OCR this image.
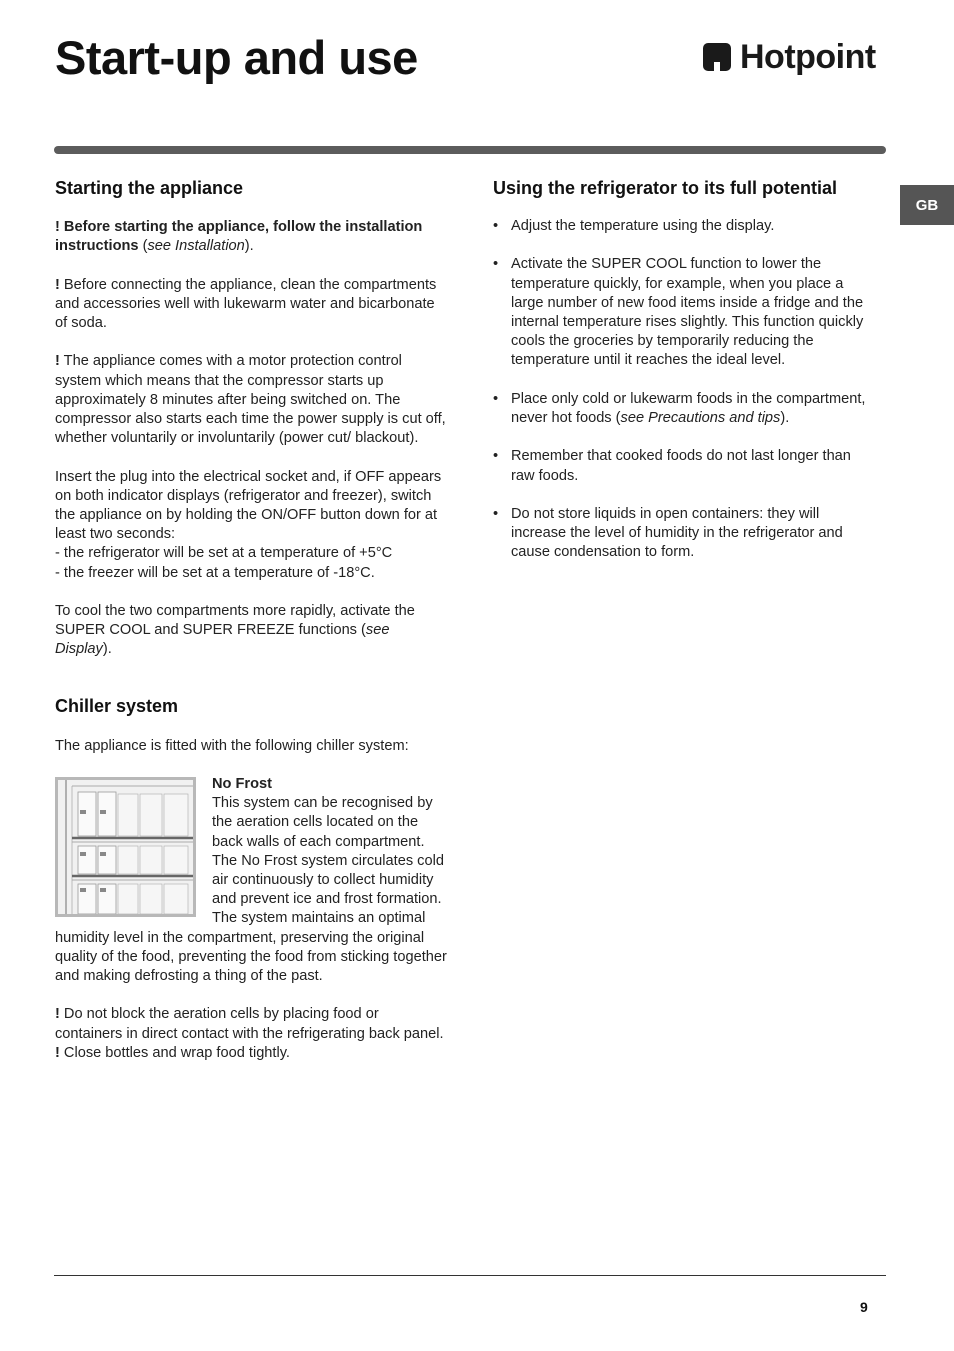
Start-up and use	Hotpoint
GB
Starting the appliance

! Before starting the appliance, follow the installation instructions (see Installation).

! Before connecting the appliance, clean the compartments and accessories well with lukewarm water and bicarbonate of soda.

! The appliance comes with a motor protection control system which means that the compressor starts up approximately 8 minutes after being switched on. The compressor also starts each time the power supply is cut off, whether voluntarily or involuntarily (power cut/ blackout).

Insert the plug into the electrical socket and, if OFF appears on both indicator displays (refrigerator and freezer), switch the appliance on by holding the ON/OFF button down for at least two seconds:

- the refrigerator will be set at a temperature of +5°C

- the freezer will be set at a temperature of -18°C.

To cool the two compartments more rapidly, activate the SUPER COOL and SUPER FREEZE functions (see Display).

Chiller system

The appliance is fitted with the following chiller system:

No Frost

This system can be recognised by the aeration cells located on the back walls of each compartment.

The No Frost system circulates cold air continuously to collect humidity and prevent ice and frost formation. The system maintains an optimal humidity level in the compartment, preserving the original quality of the food, preventing the food from sticking together and making defrosting a thing of the past.

! Do not block the aeration cells by placing food or containers in direct contact with the refrigerating back panel.

! Close bottles and wrap food tightly.

Using the refrigerator to its full potential
• Adjust the temperature using the display.
• Activate the SUPER COOL function to lower the temperature quickly, for example, when you place a large number of new food items inside a fridge and the internal temperature rises slightly. This function quickly cools the groceries by temporarily reducing the temperature until it reaches the ideal level.
• Place only cold or lukewarm foods in the compartment, never hot foods (see Precautions and tips).
• Remember that cooked foods do not last longer than raw foods.
• Do not store liquids in open containers: they will increase the level of humidity in the refrigerator and cause condensation to form.
9
